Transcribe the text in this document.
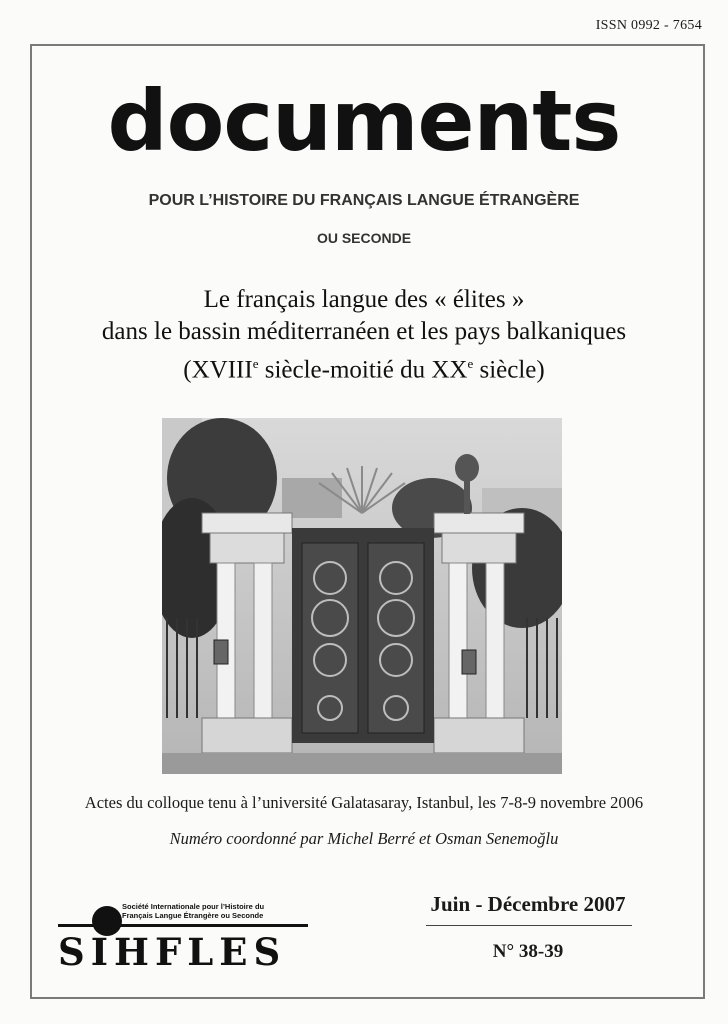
ISSN 0992 - 7654
documents
POUR L’HISTOIRE DU FRANÇAIS LANGUE ÉTRANGÈRE
OU SECONDE
Le français langue des « élites »
dans le bassin méditerranéen et les pays balkaniques
(XVIIIe siècle-moitié du XXe siècle)
Actes du colloque tenu à l’université Galatasaray, Istanbul, les 7-8-9 novembre 2006
Numéro coordonné par Michel Berré et Osman Senemoğlu
Société Internationale pour l’Histoire du
Français Langue Étrangère ou Seconde
SIHFLES
Juin - Décembre 2007
N° 38-39
